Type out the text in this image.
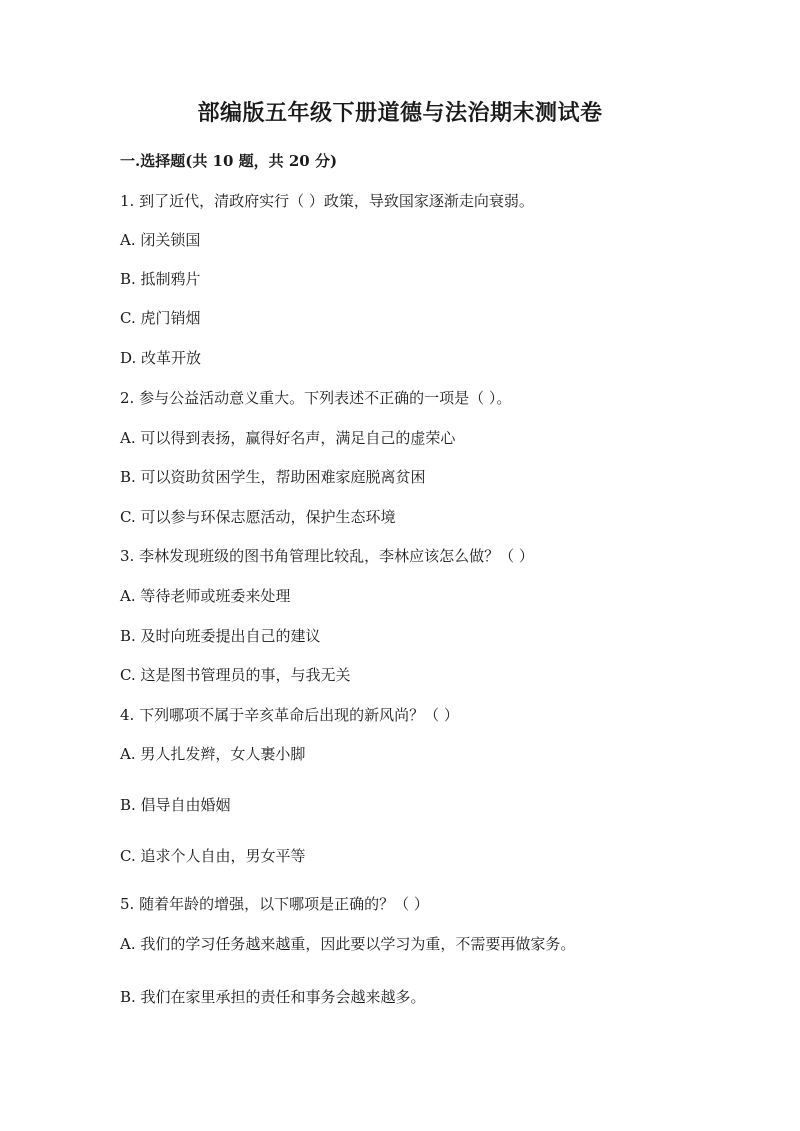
部编版五年级下册道德与法治期末测试卷
一.选择题(共 10 题，共 20 分)
1. 到了近代，清政府实行（ ）政策，导致国家逐渐走向衰弱。
A. 闭关锁国
B. 抵制鸦片
C. 虎门销烟
D. 改革开放
2. 参与公益活动意义重大。下列表述不正确的一项是（ ）。
A. 可以得到表扬，赢得好名声，满足自己的虚荣心
B. 可以资助贫困学生，帮助困难家庭脱离贫困
C. 可以参与环保志愿活动，保护生态环境
3. 李林发现班级的图书角管理比较乱，李林应该怎么做？（ ）
A. 等待老师或班委来处理
B. 及时向班委提出自己的建议
C. 这是图书管理员的事，与我无关
4. 下列哪项不属于辛亥革命后出现的新风尚？（ ）
A. 男人扎发辫，女人裹小脚
B. 倡导自由婚姻
C. 追求个人自由，男女平等
5. 随着年龄的增强，以下哪项是正确的？（ ）
A. 我们的学习任务越来越重，因此要以学习为重，不需要再做家务。
B. 我们在家里承担的责任和事务会越来越多。
